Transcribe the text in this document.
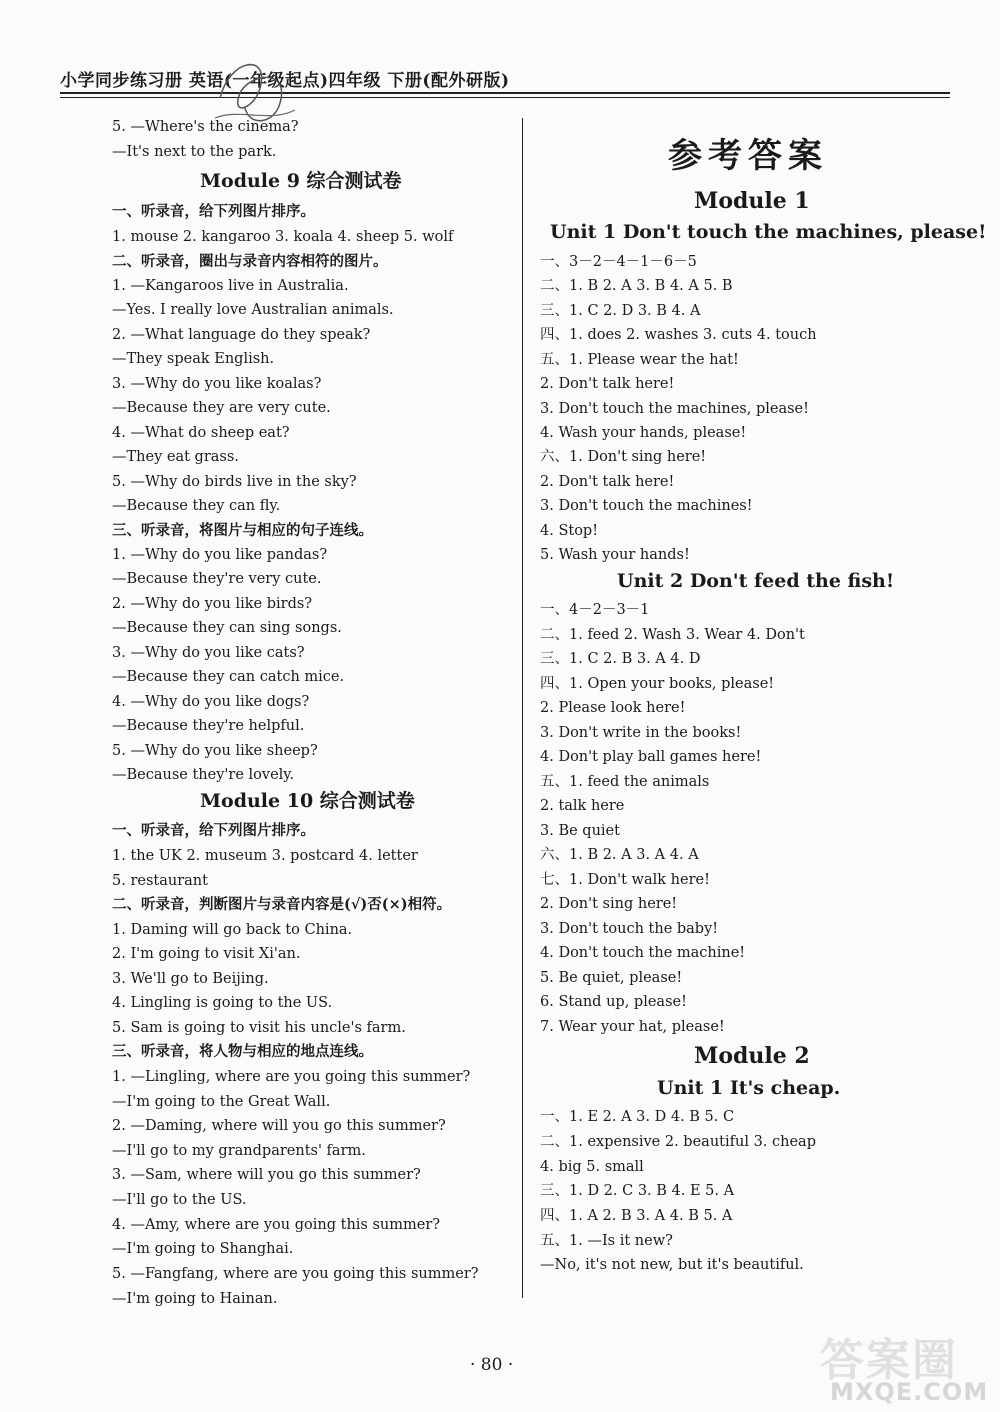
小学同步练习册 英语(一年级起点)四年级 下册(配外研版)
5. —Where's the cinema?
—It's next to the park.
Module 9 综合测试卷
一、听录音，给下列图片排序。
1. mouse 2. kangaroo 3. koala 4. sheep 5. wolf
二、听录音，圈出与录音内容相符的图片。
1. —Kangaroos live in Australia.
—Yes. I really love Australian animals.
2. —What language do they speak?
—They speak English.
3. —Why do you like koalas?
—Because they are very cute.
4. —What do sheep eat?
—They eat grass.
5. —Why do birds live in the sky?
—Because they can fly.
三、听录音，将图片与相应的句子连线。
1. —Why do you like pandas?
—Because they're very cute.
2. —Why do you like birds?
—Because they can sing songs.
3. —Why do you like cats?
—Because they can catch mice.
4. —Why do you like dogs?
—Because they're helpful.
5. —Why do you like sheep?
—Because they're lovely.
Module 10 综合测试卷
一、听录音，给下列图片排序。
1. the UK 2. museum 3. postcard 4. letter
5. restaurant
二、听录音，判断图片与录音内容是(√)否(×)相符。
1. Daming will go back to China.
2. I'm going to visit Xi'an.
3. We'll go to Beijing.
4. Lingling is going to the US.
5. Sam is going to visit his uncle's farm.
三、听录音，将人物与相应的地点连线。
1. —Lingling, where are you going this summer?
—I'm going to the Great Wall.
2. —Daming, where will you go this summer?
—I'll go to my grandparents' farm.
3. —Sam, where will you go this summer?
—I'll go to the US.
4. —Amy, where are you going this summer?
—I'm going to Shanghai.
5. —Fangfang, where are you going this summer?
—I'm going to Hainan.
参考答案
Module 1
Unit 1 Don't touch the machines, please!
一、3－2－4－1－6－5
二、1. B 2. A 3. B 4. A 5. B
三、1. C 2. D 3. B 4. A
四、1. does 2. washes 3. cuts 4. touch
五、1. Please wear the hat!
2. Don't talk here!
3. Don't touch the machines, please!
4. Wash your hands, please!
六、1. Don't sing here!
2. Don't talk here!
3. Don't touch the machines!
4. Stop!
5. Wash your hands!
Unit 2 Don't feed the fish!
一、4－2－3－1
二、1. feed 2. Wash 3. Wear 4. Don't
三、1. C 2. B 3. A 4. D
四、1. Open your books, please!
2. Please look here!
3. Don't write in the books!
4. Don't play ball games here!
五、1. feed the animals
2. talk here
3. Be quiet
六、1. B 2. A 3. A 4. A
七、1. Don't walk here!
2. Don't sing here!
3. Don't touch the baby!
4. Don't touch the machine!
5. Be quiet, please!
6. Stand up, please!
7. Wear your hat, please!
Module 2
Unit 1 It's cheap.
一、1. E 2. A 3. D 4. B 5. C
二、1. expensive 2. beautiful 3. cheap
4. big 5. small
三、1. D 2. C 3. B 4. E 5. A
四、1. A 2. B 3. A 4. B 5. A
五、1. —Is it new?
—No, it's not new, but it's beautiful.
· 80 ·	答案圈
MXQE.COM
